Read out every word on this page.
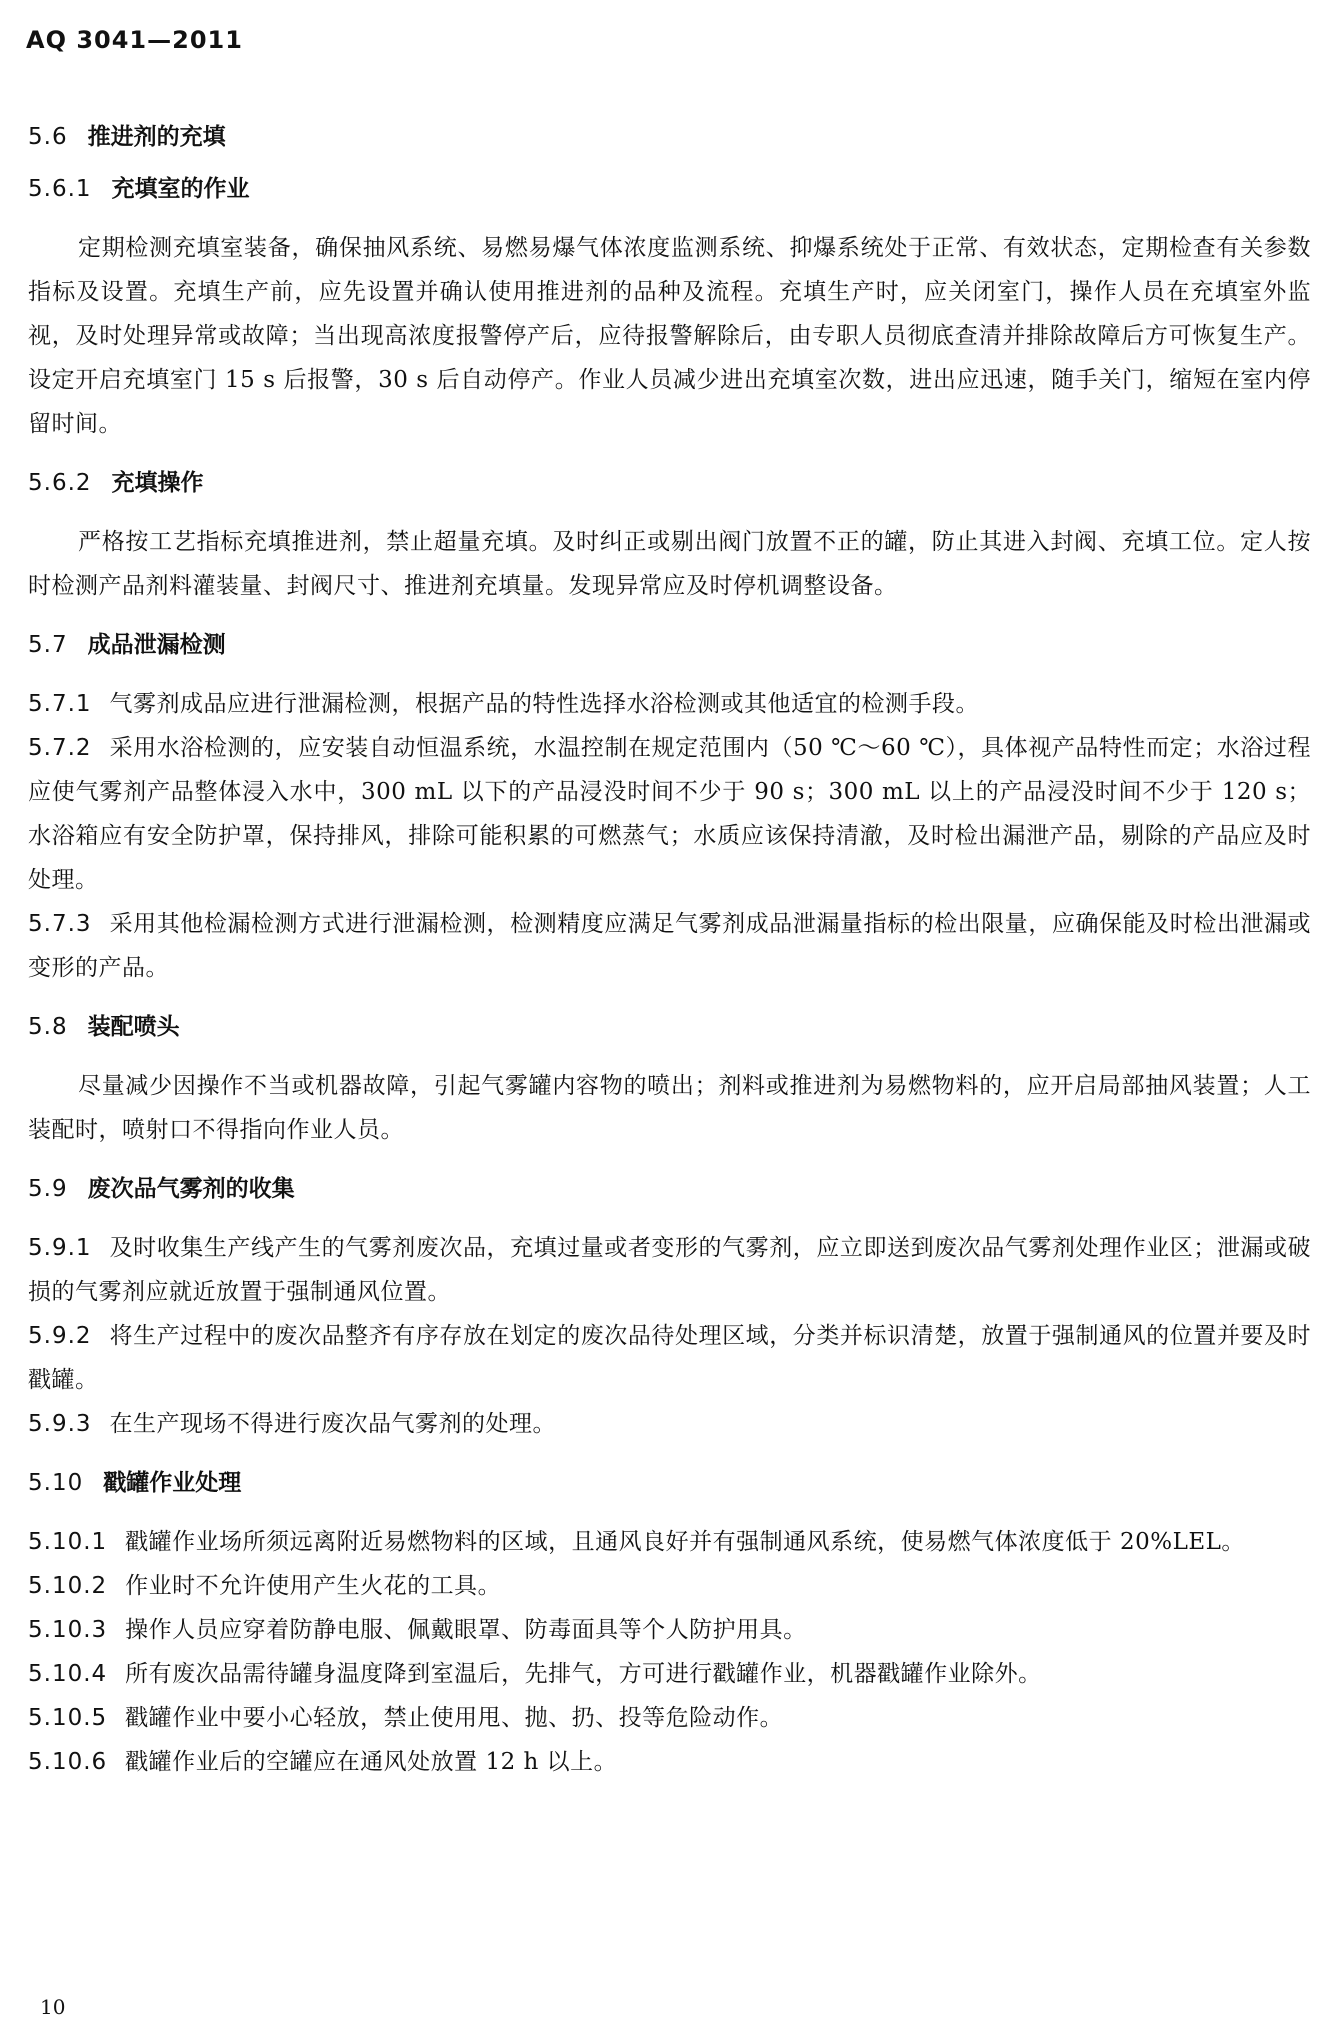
AQ 3041—2011
5.6 推进剂的充填
5.6.1 充填室的作业

定期检测充填室装备，确保抽风系统、易燃易爆气体浓度监测系统、抑爆系统处于正常、有效状态，定期检查有关参数指标及设置。充填生产前，应先设置并确认使用推进剂的品种及流程。充填生产时，应关闭室门，操作人员在充填室外监视，及时处理异常或故障；当出现高浓度报警停产后，应待报警解除后，由专职人员彻底查清并排除故障后方可恢复生产。设定开启充填室门 15 s 后报警，30 s 后自动停产。作业人员减少进出充填室次数，进出应迅速，随手关门，缩短在室内停留时间。

5.6.2 充填操作

严格按工艺指标充填推进剂，禁止超量充填。及时纠正或剔出阀门放置不正的罐，防止其进入封阀、充填工位。定人按时检测产品剂料灌装量、封阀尺寸、推进剂充填量。发现异常应及时停机调整设备。

5.7 成品泄漏检测

5.7.1 气雾剂成品应进行泄漏检测，根据产品的特性选择水浴检测或其他适宜的检测手段。

5.7.2 采用水浴检测的，应安装自动恒温系统，水温控制在规定范围内（50 ℃～60 ℃），具体视产品特性而定；水浴过程应使气雾剂产品整体浸入水中，300 mL 以下的产品浸没时间不少于 90 s；300 mL 以上的产品浸没时间不少于 120 s；水浴箱应有安全防护罩，保持排风，排除可能积累的可燃蒸气；水质应该保持清澈，及时检出漏泄产品，剔除的产品应及时处理。

5.7.3 采用其他检漏检测方式进行泄漏检测，检测精度应满足气雾剂成品泄漏量指标的检出限量，应确保能及时检出泄漏或变形的产品。

5.8 装配喷头

尽量减少因操作不当或机器故障，引起气雾罐内容物的喷出；剂料或推进剂为易燃物料的，应开启局部抽风装置；人工装配时，喷射口不得指向作业人员。

5.9 废次品气雾剂的收集

5.9.1 及时收集生产线产生的气雾剂废次品，充填过量或者变形的气雾剂，应立即送到废次品气雾剂处理作业区；泄漏或破损的气雾剂应就近放置于强制通风位置。

5.9.2 将生产过程中的废次品整齐有序存放在划定的废次品待处理区域，分类并标识清楚，放置于强制通风的位置并要及时戳罐。

5.9.3 在生产现场不得进行废次品气雾剂的处理。

5.10 戳罐作业处理

5.10.1 戳罐作业场所须远离附近易燃物料的区域，且通风良好并有强制通风系统，使易燃气体浓度低于 20%LEL。

5.10.2 作业时不允许使用产生火花的工具。

5.10.3 操作人员应穿着防静电服、佩戴眼罩、防毒面具等个人防护用具。

5.10.4 所有废次品需待罐身温度降到室温后，先排气，方可进行戳罐作业，机器戳罐作业除外。

5.10.5 戳罐作业中要小心轻放，禁止使用甩、抛、扔、投等危险动作。

5.10.6 戳罐作业后的空罐应在通风处放置 12 h 以上。

10
